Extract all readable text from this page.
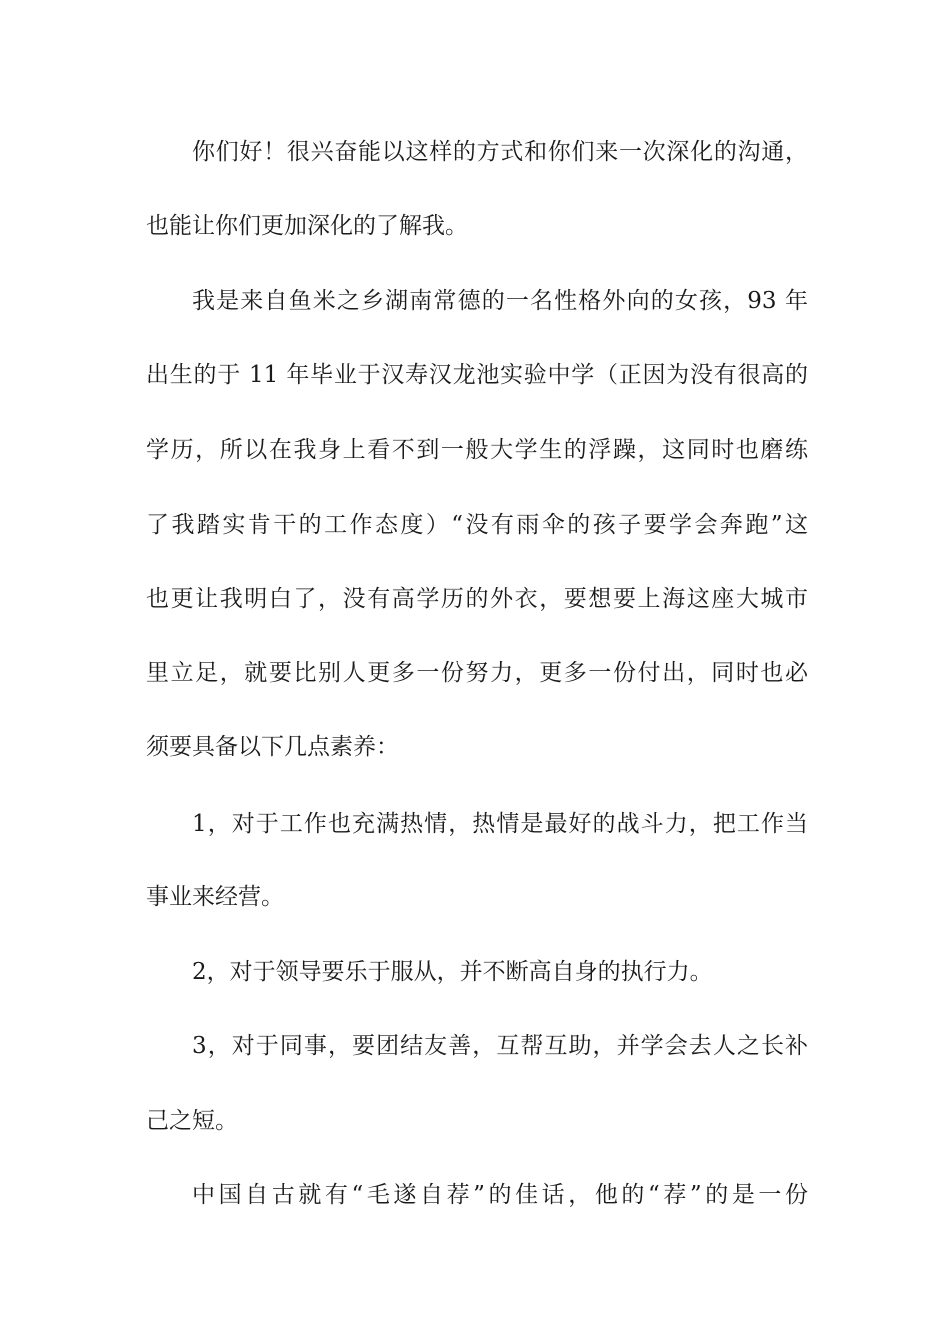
你们好！很兴奋能以这样的方式和你们来一次深化的沟通，
也能让你们更加深化的了解我。
我是来自鱼米之乡湖南常德的一名性格外向的女孩，93 年
出生的于 11 年毕业于汉寿汉龙池实验中学（正因为没有很高的
学历，所以在我身上看不到一般大学生的浮躁，这同时也磨练
了我踏实肯干的工作态度）“没有雨伞的孩子要学会奔跑”这
也更让我明白了，没有高学历的外衣，要想要上海这座大城市
里立足，就要比别人更多一份努力，更多一份付出，同时也必
须要具备以下几点素养：
1，对于工作也充满热情，热情是最好的战斗力，把工作当
事业来经营。
2，对于领导要乐于服从，并不断高自身的执行力。
3，对于同事，要团结友善，互帮互助，并学会去人之长补
己之短。
中国自古就有“毛遂自荐”的佳话，他的“荐”的是一份
